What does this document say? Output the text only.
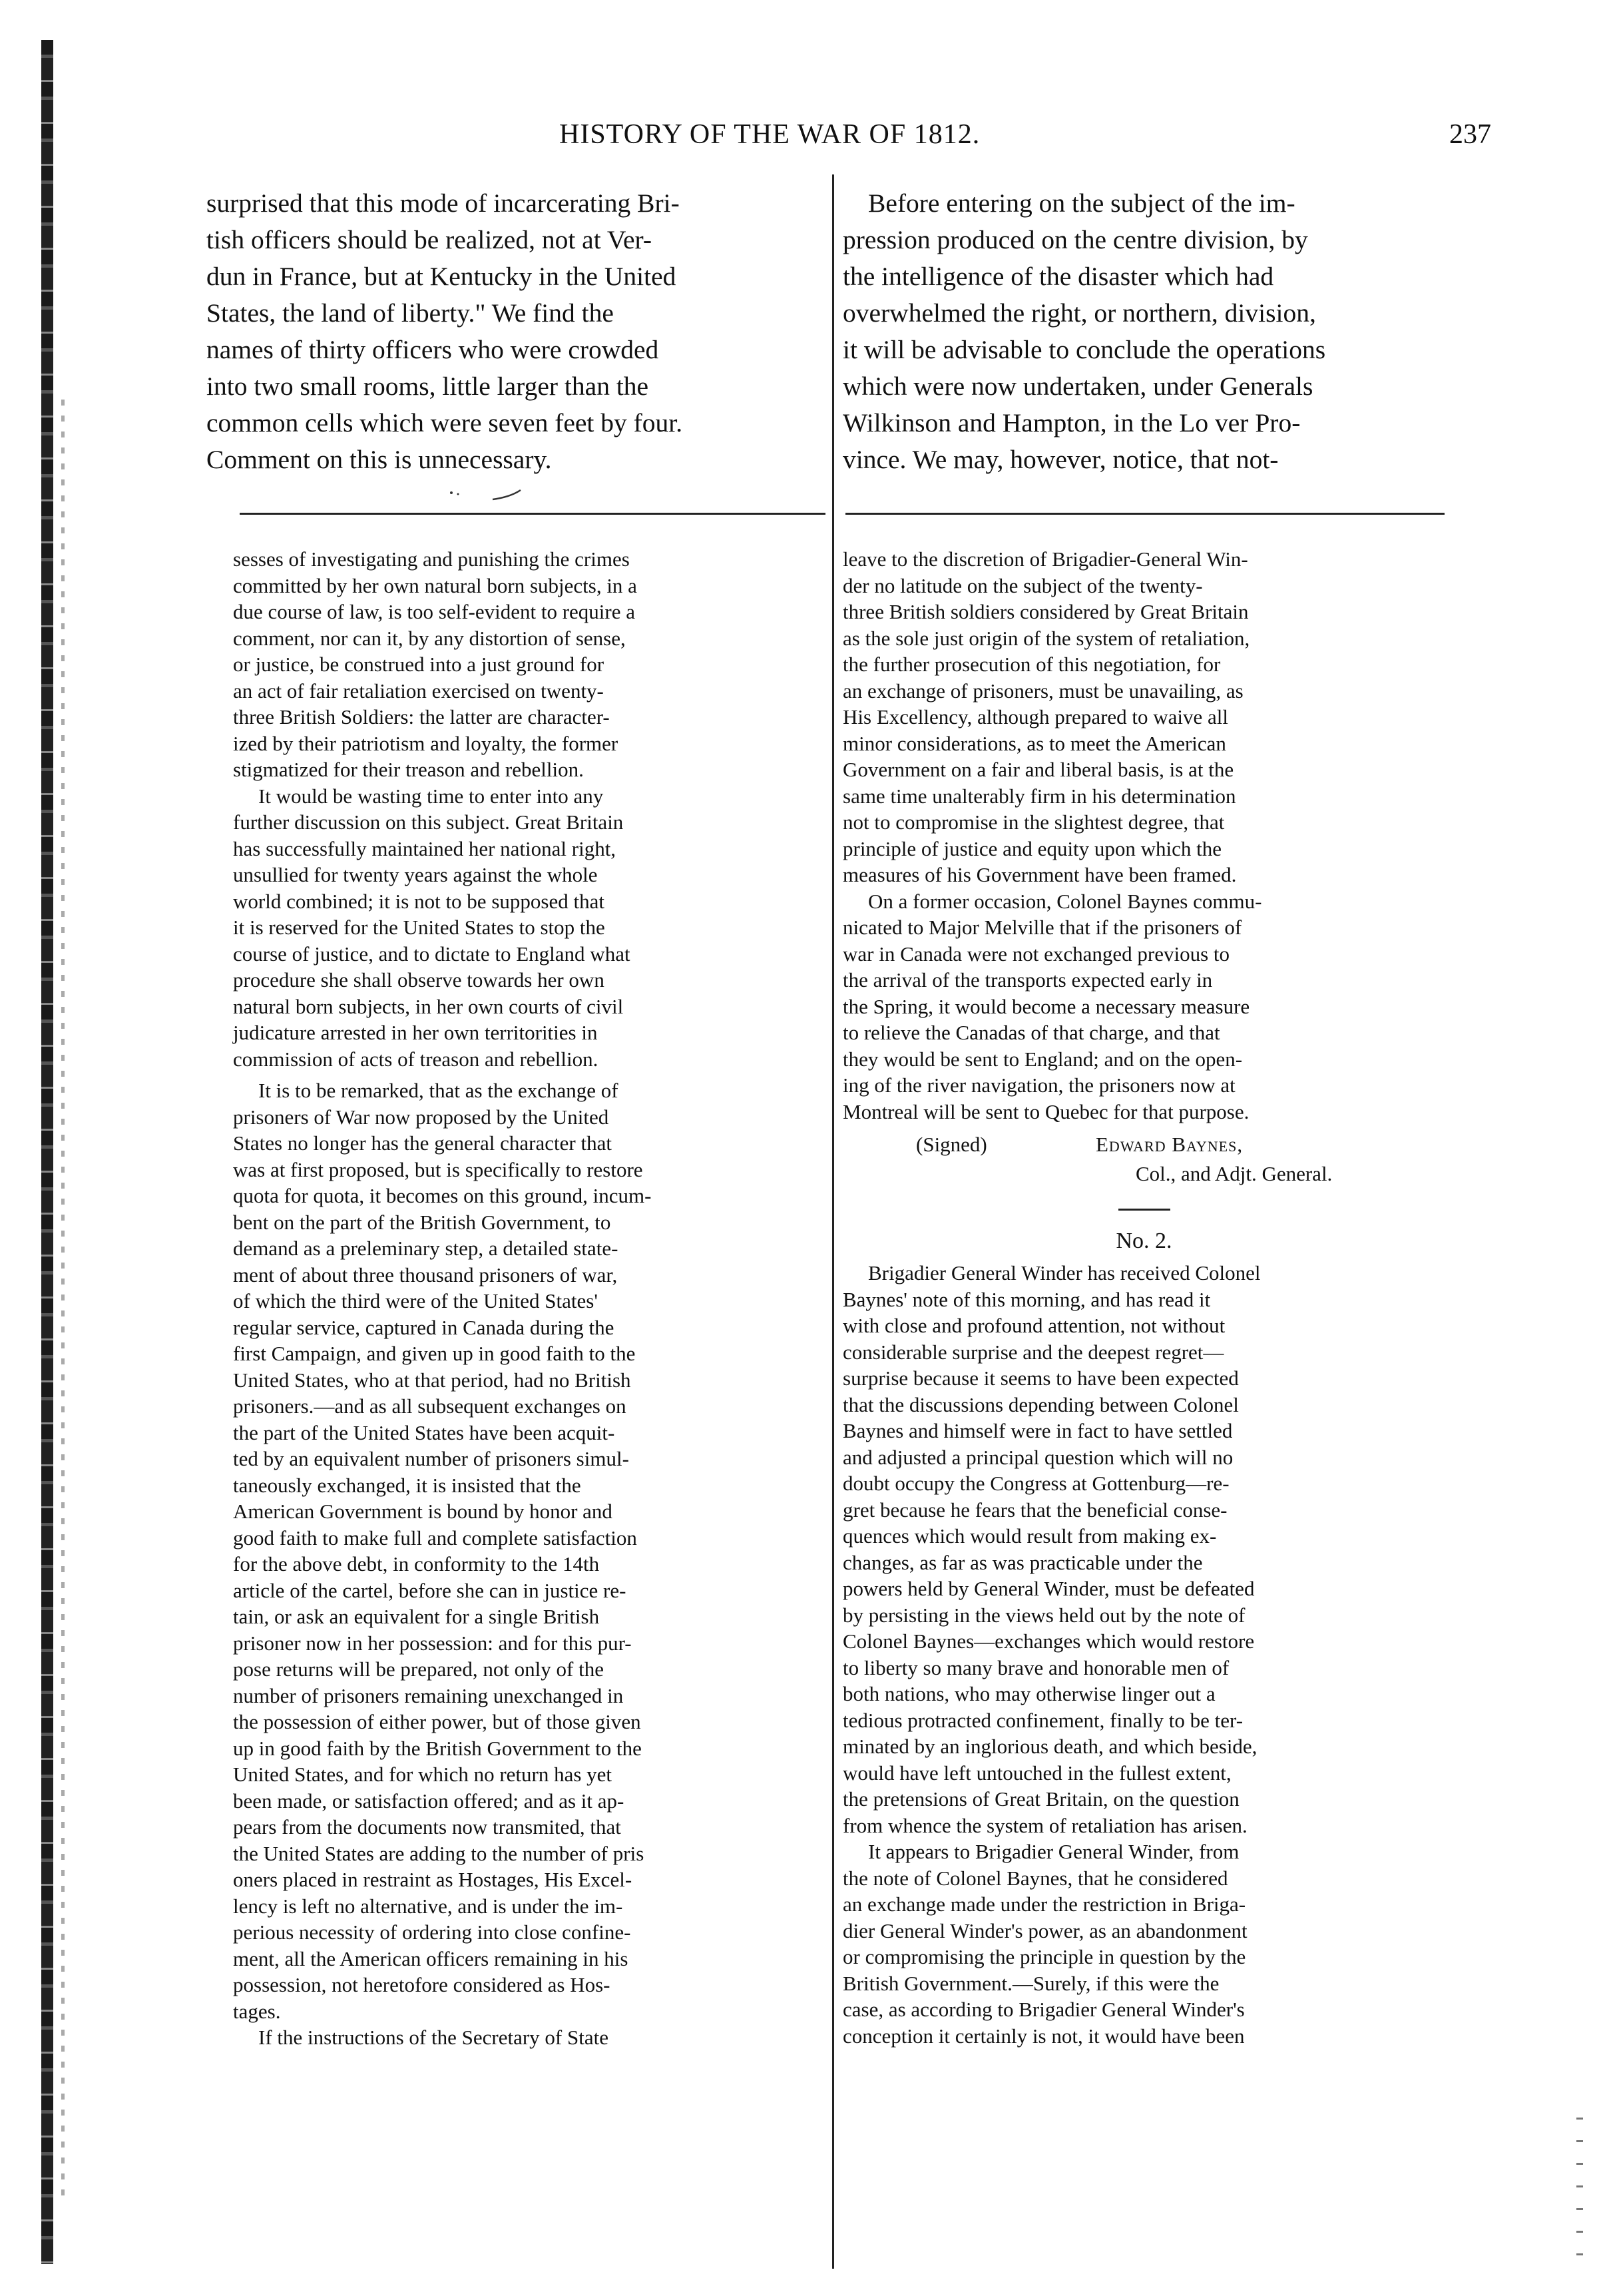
HISTORY OF THE WAR OF 1812.	237

surprised that this mode of incarcerating Bri-

tish officers should be realized, not at Ver-

dun in France, but at Kentucky in the United

States, the land of liberty." We find the

names of thirty officers who were crowded

into two small rooms, little larger than the

common cells which were seven feet by four.

Comment on this is unnecessary.

Before entering on the subject of the im-

pression produced on the centre division, by

the intelligence of the disaster which had

overwhelmed the right, or northern, division,

it will be advisable to conclude the operations

which were now undertaken, under Generals

Wilkinson and Hampton, in the Lo ver Pro-

vince. We may, however, notice, that not-

sesses of investigating and punishing the crimes

committed by her own natural born subjects, in a

due course of law, is too self-evident to require a

comment, nor can it, by any distortion of sense,

or justice, be construed into a just ground for

an act of fair retaliation exercised on twenty-

three British Soldiers: the latter are character-

ized by their patriotism and loyalty, the former

stigmatized for their treason and rebellion.

It would be wasting time to enter into any

further discussion on this subject. Great Britain

has successfully maintained her national right,

unsullied for twenty years against the whole

world combined; it is not to be supposed that

it is reserved for the United States to stop the

course of justice, and to dictate to England what

procedure she shall observe towards her own

natural born subjects, in her own courts of civil

judicature arrested in her own territorities in

commission of acts of treason and rebellion.

It is to be remarked, that as the exchange of

prisoners of War now proposed by the United

States no longer has the general character that

was at first proposed, but is specifically to restore

quota for quota, it becomes on this ground, incum-

bent on the part of the British Government, to

demand as a preleminary step, a detailed state-

ment of about three thousand prisoners of war,

of which the third were of the United States'

regular service, captured in Canada during the

first Campaign, and given up in good faith to the

United States, who at that period, had no British

prisoners.—and as all subsequent exchanges on

the part of the United States have been acquit-

ted by an equivalent number of prisoners simul-

taneously exchanged, it is insisted that the

American Government is bound by honor and

good faith to make full and complete satisfaction

for the above debt, in conformity to the 14th

article of the cartel, before she can in justice re-

tain, or ask an equivalent for a single British

prisoner now in her possession: and for this pur-

pose returns will be prepared, not only of the

number of prisoners remaining unexchanged in

the possession of either power, but of those given

up in good faith by the British Government to the

United States, and for which no return has yet

been made, or satisfaction offered; and as it ap-

pears from the documents now transmited, that

the United States are adding to the number of pris

oners placed in restraint as Hostages, His Excel-

lency is left no alternative, and is under the im-

perious necessity of ordering into close confine-

ment, all the American officers remaining in his

possession, not heretofore considered as Hos-

tages.

If the instructions of the Secretary of State

leave to the discretion of Brigadier-General Win-

der no latitude on the subject of the twenty-

three British soldiers considered by Great Britain

as the sole just origin of the system of retaliation,

the further prosecution of this negotiation, for

an exchange of prisoners, must be unavailing, as

His Excellency, although prepared to waive all

minor considerations, as to meet the American

Government on a fair and liberal basis, is at the

same time unalterably firm in his determination

not to compromise in the slightest degree, that

principle of justice and equity upon which the

measures of his Government have been framed.

On a former occasion, Colonel Baynes commu-

nicated to Major Melville that if the prisoners of

war in Canada were not exchanged previous to

the arrival of the transports expected early in

the Spring, it would become a necessary measure

to relieve the Canadas of that charge, and that

they would be sent to England; and on the open-

ing of the river navigation, the prisoners now at

Montreal will be sent to Quebec for that purpose.

(Signed)	Edward Baynes,
Col., and Adjt. General.

No. 2.

Brigadier General Winder has received Colonel

Baynes' note of this morning, and has read it

with close and profound attention, not without

considerable surprise and the deepest regret—

surprise because it seems to have been expected

that the discussions depending between Colonel

Baynes and himself were in fact to have settled

and adjusted a principal question which will no

doubt occupy the Congress at Gottenburg—re-

gret because he fears that the beneficial conse-

quences which would result from making ex-

changes, as far as was practicable under the

powers held by General Winder, must be defeated

by persisting in the views held out by the note of

Colonel Baynes—exchanges which would restore

to liberty so many brave and honorable men of

both nations, who may otherwise linger out a

tedious protracted confinement, finally to be ter-

minated by an inglorious death, and which beside,

would have left untouched in the fullest extent,

the pretensions of Great Britain, on the question

from whence the system of retaliation has arisen.

It appears to Brigadier General Winder, from

the note of Colonel Baynes, that he considered

an exchange made under the restriction in Briga-

dier General Winder's power, as an abandonment

or compromising the principle in question by the

British Government.—Surely, if this were the

case, as according to Brigadier General Winder's

conception it certainly is not, it would have been
